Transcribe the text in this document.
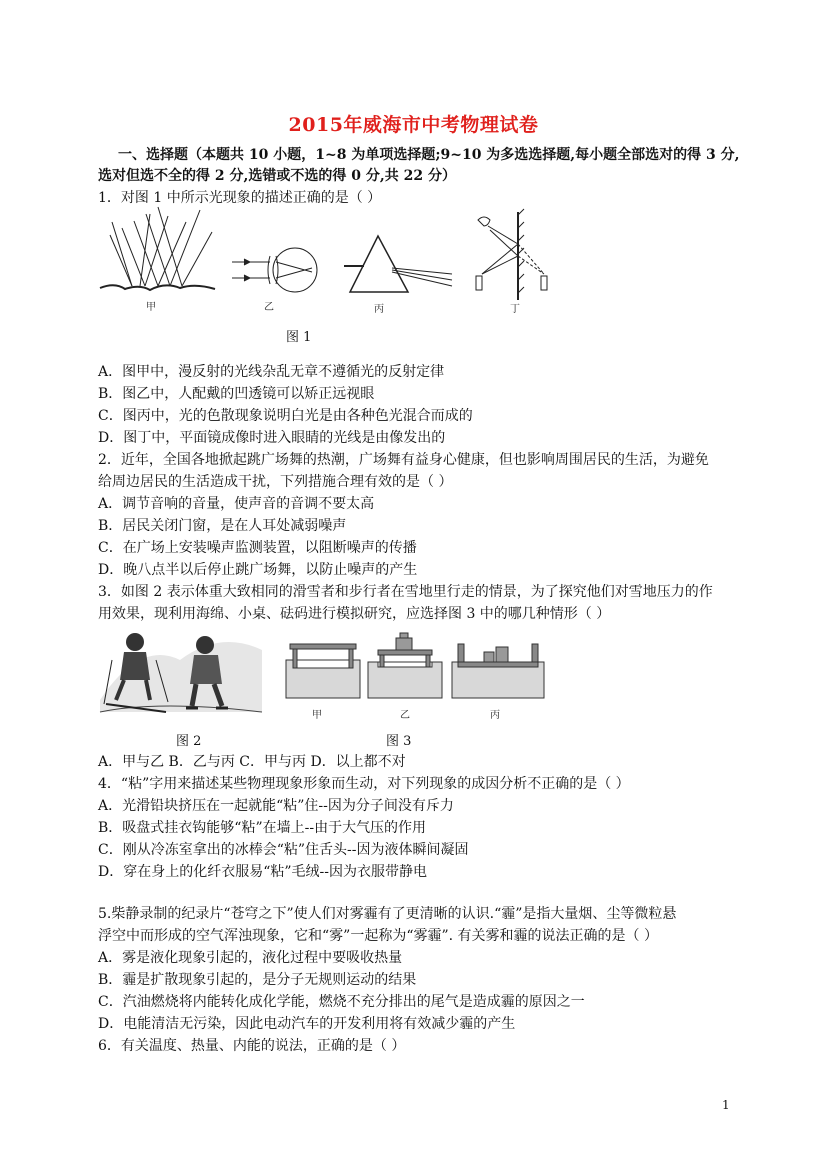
2015年威海市中考物理试卷
一、选择题（本题共 10 小题，1~8 为单项选择题;9~10 为多选选择题,每小题全部选对的得 3 分,
选对但选不全的得 2 分,选错或不选的得 0 分,共 22 分）
1．对图 1 中所示光现象的描述正确的是（ ）
甲	乙	丙	丁
图 1
A．图甲中，漫反射的光线杂乱无章不遵循光的反射定律
B．图乙中，人配戴的凹透镜可以矫正远视眼
C．图丙中，光的色散现象说明白光是由各种色光混合而成的
D．图丁中，平面镜成像时进入眼睛的光线是由像发出的
2．近年，全国各地掀起跳广场舞的热潮，广场舞有益身心健康，但也影响周围居民的生活，为避免
给周边居民的生活造成干扰，下列措施合理有效的是（ ）
A．调节音响的音量，使声音的音调不要太高
B．居民关闭门窗，是在人耳处减弱噪声
C．在广场上安装噪声监测装置，以阻断噪声的传播
D．晚八点半以后停止跳广场舞，以防止噪声的产生
3．如图 2 表示体重大致相同的滑雪者和步行者在雪地里行走的情景，为了探究他们对雪地压力的作
用效果，现利用海绵、小桌、砝码进行模拟研究，应选择图 3 中的哪几种情形（ ）
甲	乙	丙
图 2	图 3
A．甲与乙 B．乙与丙 C．甲与丙 D．以上都不对
4．“粘”字用来描述某些物理现象形象而生动，对下列现象的成因分析不正确的是（ ）
A．光滑铅块挤压在一起就能“粘”住--因为分子间没有斥力
B．吸盘式挂衣钩能够“粘”在墙上--由于大气压的作用
C．刚从冷冻室拿出的冰棒会“粘”住舌头--因为液体瞬间凝固
D．穿在身上的化纤衣服易“粘”毛绒--因为衣服带静电
5.柴静录制的纪录片“苍穹之下”使人们对雾霾有了更清晰的认识.“霾”是指大量烟、尘等微粒悬
浮空中而形成的空气浑浊现象，它和“雾”一起称为“雾霾”. 有关雾和霾的说法正确的是（ ）
A．雾是液化现象引起的，液化过程中要吸收热量
B．霾是扩散现象引起的，是分子无规则运动的结果
C．汽油燃烧将内能转化成化学能，燃烧不充分排出的尾气是造成霾的原因之一
D．电能清洁无污染，因此电动汽车的开发利用将有效减少霾的产生
6．有关温度、热量、内能的说法，正确的是（ ）
1
